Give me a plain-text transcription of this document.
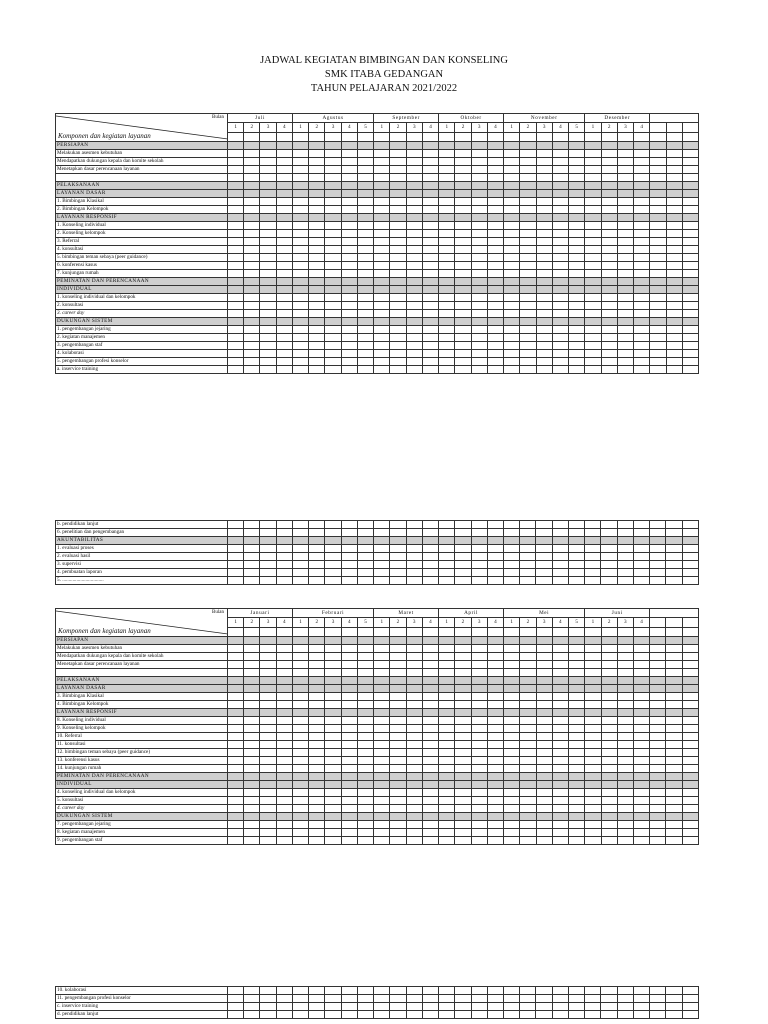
JADWAL KEGIATAN BIMBINGAN DAN KONSELING
SMK ITABA GEDANGAN
TAHUN PELAJARAN 2021/2022
Bulan
Komponen dan kegiatan layanan	Juli				Agustus					September				Oktober				November					Desember						
	1	2	3	4	1	2	3	4	5	1	2	3	4	1	2	3	4	1	2	3	4	5	1	2	3	4			

PERSIAPAN																													
Melakukan asesmen kebutuhan																													
Mendapatkan dukungan kepala dan komite sekolah																													
Menetapkan dasar perencanaan layanan																													

PELAKSANAAN																													
LAYANAN DASAR																													
1. Bimbingan Klasikal																													
2. Bimbingan Kelompok																													
LAYANAN RESPONSIF																													
1. Konseling individual																													
2. Konseling kelompok																													
3. Referral																													
4. konsultasi																													
5. bimbingan teman sebaya (peer guidance)																													
6. konferensi kasus																													
7. kunjungan rumah																													
PEMINATAN DAN PERENCANAAN																													
INDIVIDUAL																													
1. konseling individual dan kelompok																													
2. konsultasi																													
3. career day																													
DUKUNGAN SISTEM																													
1. pengembangan jejaring																													
2. kegiatan manajemen																													
3. pengembangan staf																													
4. kolaborasi																													
5. pengembangan profesi konselor																													
a. inservice training																													
b. pendidikan lanjut																													
6. penelitian dan pengembangan																													
AKUNTABILITAS																													
1. evaluasi proses																													
2. evaluasi hasil																													
3. supervisi																													
4. pembuatan laporan																													
5. ................................																													
Bulan
Komponen dan kegiatan layanan	Januari				Februari					Maret				April				Mei					Juni						
	1	2	3	4	1	2	3	4	5	1	2	3	4	1	2	3	4	1	2	3	4	5	1	2	3	4			

PERSIAPAN																													
Melakukan asesmen kebutuhan																													
Mendapatkan dukungan kepala dan komite sekolah																													
Menetapkan dasar perencanaan layanan																													

PELAKSANAAN																													
LAYANAN DASAR																													
3. Bimbingan Klasikal																													
4. Bimbingan Kelompok																													
LAYANAN RESPONSIF																													
8. Konseling individual																													
9. Konseling kelompok																													
10. Referral																													
11. konsultasi																													
12. bimbingan teman sebaya (peer guidance)																													
13. konferensi kasus																													
14. kunjungan rumah																													
PEMINATAN DAN PERENCANAAN																													
INDIVIDUAL																													
4. konseling individual dan kelompok																													
5. konsultasi																													
4. career day																													
DUKUNGAN SISTEM																													
7. pengembangan jejaring																													
8. kegiatan manajemen																													
9. pengembangan staf																													
10. kolaborasi																													
11. pengembangan profesi konselor																													
c. inservice training																													
d. pendidikan lanjut																													
